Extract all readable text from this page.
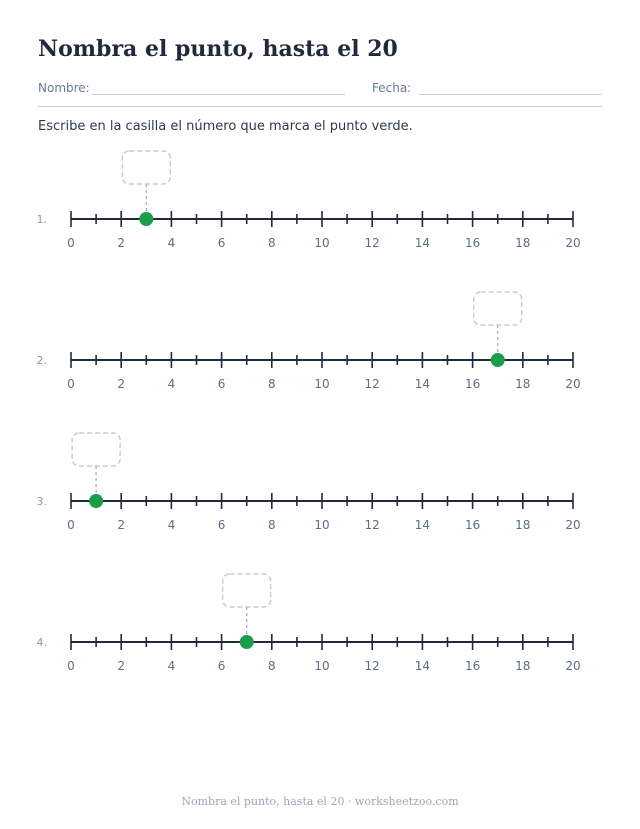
Nombra el punto, hasta el 20
Nombre:	Fecha:
Escribe en la casilla el número que marca el punto verde.
1.
0	2	4	6	8	10	12	14	16	18	20
2.
0	2	4	6	8	10	12	14	16	18	20
3.
0	2	4	6	8	10	12	14	16	18	20
4.
0	2	4	6	8	10	12	14	16	18	20
Nombra el punto, hasta el 20 · worksheetzoo.com
